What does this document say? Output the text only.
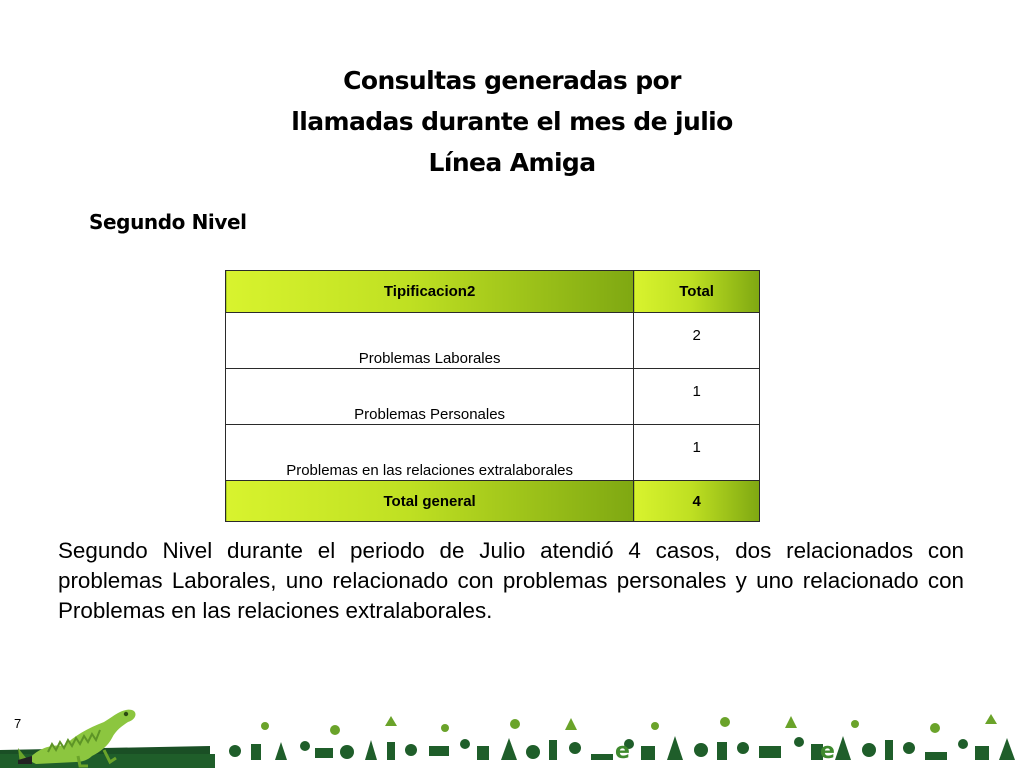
Consultas generadas por
llamadas durante el mes de julio
Línea Amiga
Segundo Nivel
Tipificacion2	Total
Problemas Laborales	2
Problemas Personales	1
Problemas en las relaciones extralaborales	1
Total general	4
Segundo Nivel durante el periodo de Julio atendió 4 casos, dos relacionados con problemas Laborales, uno relacionado con problemas personales y uno relacionado con Problemas en las relaciones extralaborales.
7
e	e
